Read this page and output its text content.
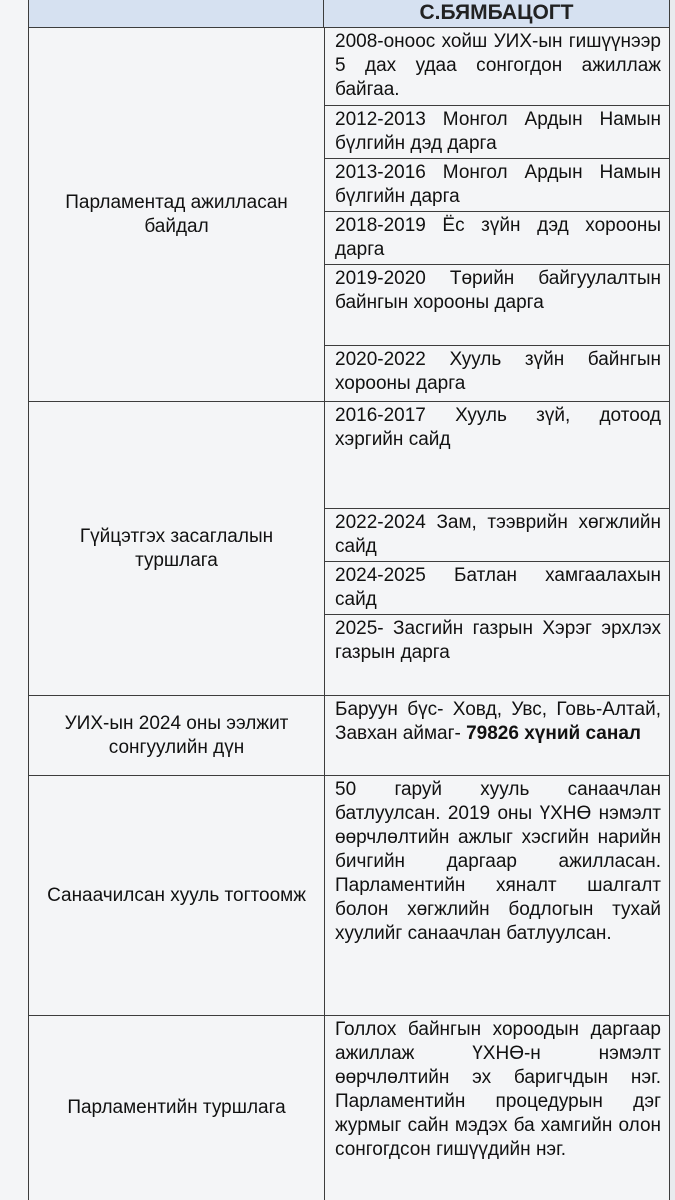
С.БЯМБАЦОГТ
Парламентад ажилласан байдал
2008-оноос хойш УИХ-ын гишүүнээр 5 дах удаа сонгогдон ажиллаж байгаа.
2012-2013 Монгол Ардын Намын бүлгийн дэд дарга
2013-2016 Монгол Ардын Намын бүлгийн дарга
2018-2019 Ёс зүйн дэд хорооны дарга
2019-2020 Төрийн байгуулалтын байнгын хорооны дарга
2020-2022 Хууль зүйн байнгын хорооны дарга
Гүйцэтгэх засаглалын туршлага
2016-2017 Хууль зүй, дотоод хэргийн сайд
2022-2024 Зам, тээврийн хөгжлийн сайд
2024-2025 Батлан хамгаалахын сайд
2025- Засгийн газрын Хэрэг эрхлэх газрын дарга
УИХ-ын 2024 оны ээлжит сонгуулийн дүн
Баруун бүс- Ховд, Увс, Говь-Алтай, Завхан аймаг- 79826 хүний санал
Санаачилсан хууль тогтоомж
50 гаруй хууль санаачлан батлуулсан. 2019 оны ҮХНӨ нэмэлт өөрчлөлтийн ажлыг хэсгийн нарийн бичгийн даргаар ажилласан. Парламентийн хяналт шалгалт болон хөгжлийн бодлогын тухай хуулийг санаачлан батлуулсан.
Парламентийн туршлага
Голлох байнгын хороодын даргаар ажиллаж ҮХНӨ-н нэмэлт өөрчлөлтийн эх баригчдын нэг. Парламентийн процедурын дэг журмыг сайн мэдэх ба хамгийн олон сонгогдсон гишүүдийн нэг.
